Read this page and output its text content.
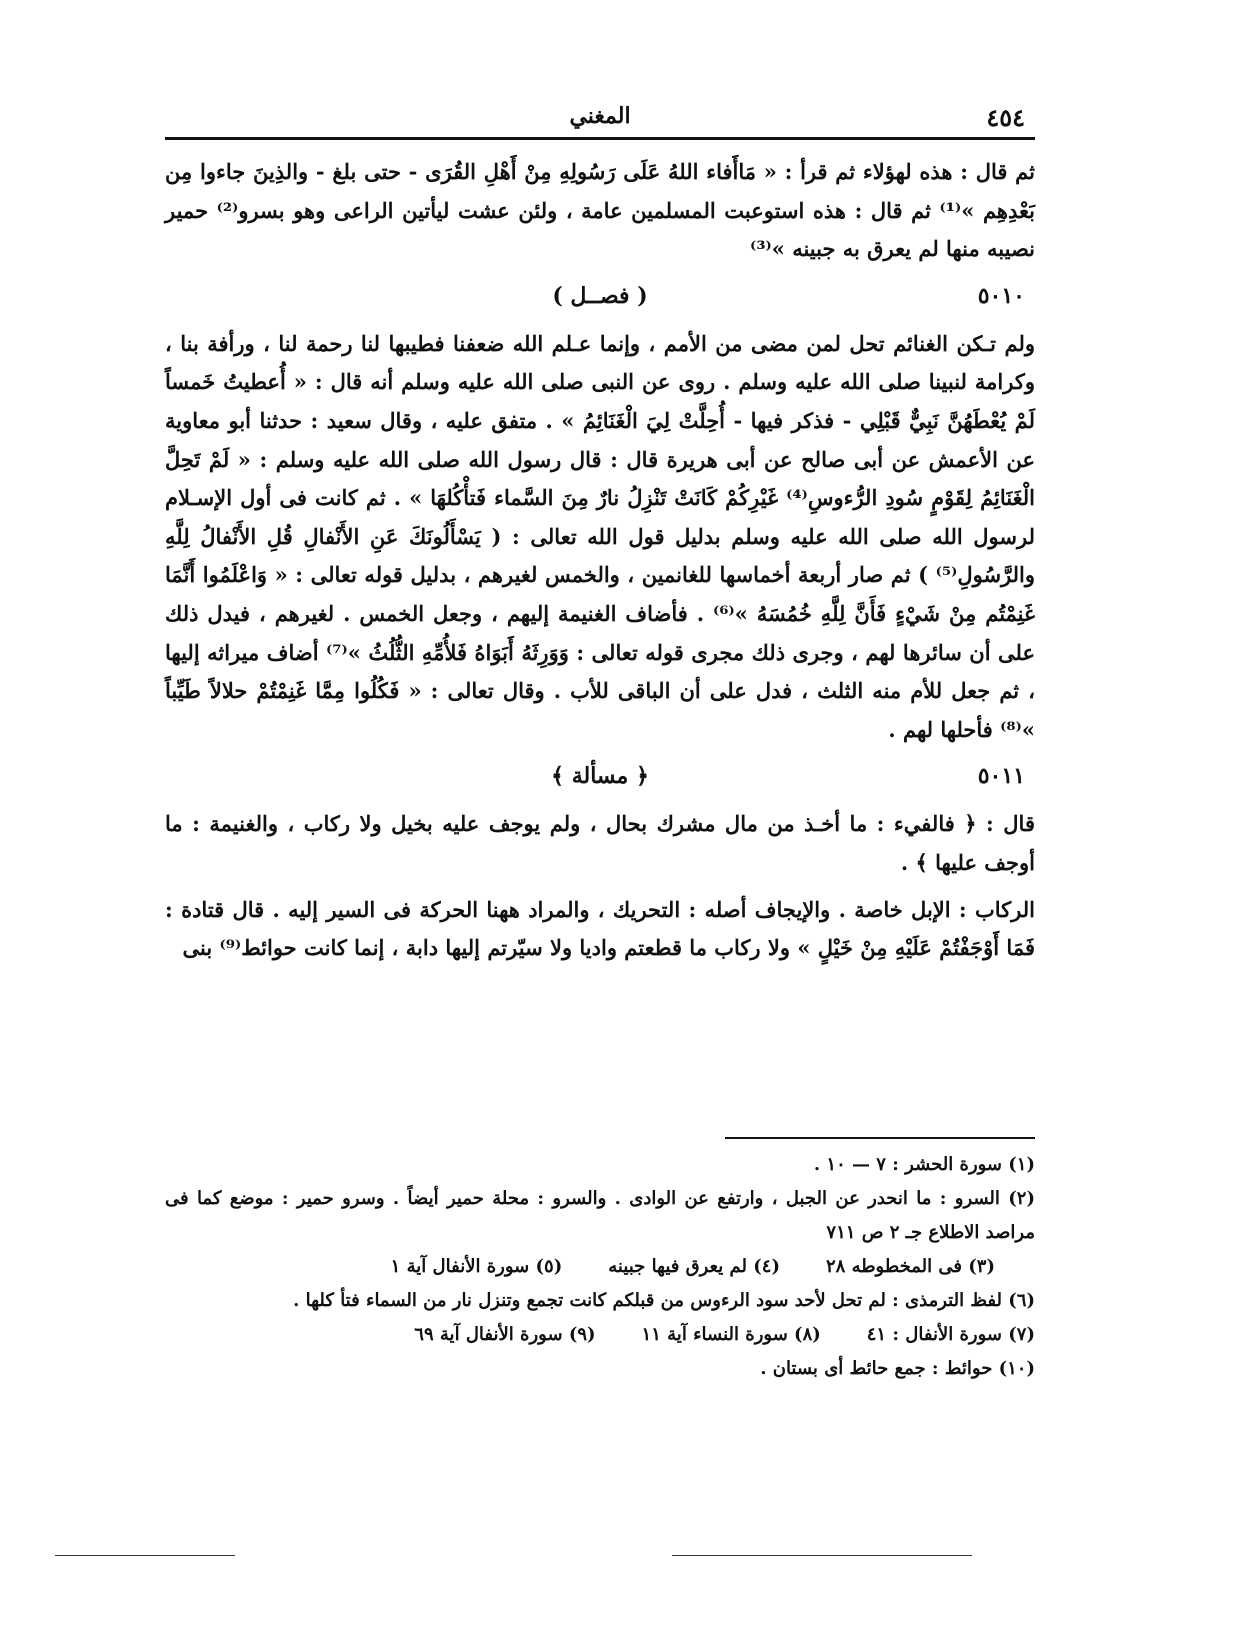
٤٥٤
المغني

ثم قال : هذه لهؤلاء ثم قرأ : « مَاأَفاء اللهُ عَلَى رَسُولِهِ مِنْ أَهْلِ القُرَى - حتى بلغ - والذِينَ جاءوا مِن بَعْدِهِم »⁽¹⁾ ثم قال : هذه استوعبت المسلمين عامة ، ولئن عشت ليأتين الراعى وهو بسرو⁽²⁾ حمير نصيبه منها لم يعرق به جبينه »⁽³⁾

٥٠١٠
( فصــل )

ولم تـكن الغنائم تحل لمن مضى من الأمم ، وإنما عـلم الله ضعفنا فطيبها لنا رحمة لنا ، ورأفة بنا ، وكرامة لنبينا صلى الله عليه وسلم . روى عن النبى صلى الله عليه وسلم أنه قال : « أُعطيتُ خَمساً لَمْ يُعْطَهُنَّ نَبِيٌّ قَبْلِي - فذكر فيها - أُحِلَّتْ لِيَ الْغَنَائِمُ » . متفق عليه ، وقال سعيد : حدثنا أبو معاوية عن الأعمش عن أبى صالح عن أبى هريرة قال : قال رسول الله صلى الله عليه وسلم : « لَمْ تَحِلَّ الْغَنَائِمُ لِقَوْمٍ سُودِ الرُّءوسِ⁽⁴⁾ غَيْرِكُمْ كَانَتْ تَنْزِلُ نارٌ مِنَ السَّماء فَتأْكُلهَا » . ثم كانت فى أول الإسـلام لرسول الله صلى الله عليه وسلم بدليل قول الله تعالى : ( يَسْأَلُونَكَ عَنِ الأَنْفالِ قُلِ الأَنْفالُ لِلَّهِ والرَّسُولِ⁽⁵⁾ ) ثم صار أربعة أخماسها للغانمين ، والخمس لغيرهم ، بدليل قوله تعالى : « وَاعْلَمُوا أَنَّمَا غَنِمْتُم مِنْ شَيْءٍ فَأَنَّ لِلَّهِ خُمُسَهُ »⁽⁶⁾ . فأضاف الغنيمة إليهم ، وجعل الخمس . لغيرهم ، فيدل ذلك على أن سائرها لهم ، وجرى ذلك مجرى قوله تعالى : وَوَرِثَهُ أَبَوَاهُ فَلأُمِّهِ الثُّلُثُ »⁽⁷⁾ أضاف ميراثه إليها ، ثم جعل للأم منه الثلث ، فدل على أن الباقى للأب . وقال تعالى : « فَكُلُوا مِمَّا غَنِمْتُمْ حلالاً طَيِّباً »⁽⁸⁾ فأحلها لهم .

٥٠١١
﴿ مسألة ﴾

قال : ﴿ فالفيء : ما أخـذ من مال مشرك بحال ، ولم يوجف عليه بخيل ولا ركاب ، والغنيمة : ما أوجف عليها ﴾ .

الركاب : الإبل خاصة . والإيجاف أصله : التحريك ، والمراد ههنا الحركة فى السير إليه . قال قتادة : فَمَا أَوْجَفْتُمْ عَلَيْهِ مِنْ خَيْلٍ » ولا ركاب ما قطعتم واديا ولا سيّرتم إليها دابة ، إنما كانت حوائط⁽⁹⁾ بنى

(١) سورة الحشر : ٧ — ١٠ .

(٢) السرو : ما انحدر عن الجبل ، وارتفع عن الوادى . والسرو : محلة حمير أيضاً . وسرو حمير : موضع كما فى مراصد الاطلاع جـ ٢ ص ٧١١

(٣) فى المخطوطه ٢٨
(٤) لم يعرق فيها جبينه
(٥) سورة الأنفال آية ١

(٦) لفظ الترمذى : لم تحل لأحد سود الرءوس من قبلكم كانت تجمع وتنزل نار من السماء فتأ كلها .

(٧) سورة الأنفال : ٤١
(٨) سورة النساء آية ١١
(٩) سورة الأنفال آية ٦٩

(١٠) حوائط : جمع حائط أى بستان .
